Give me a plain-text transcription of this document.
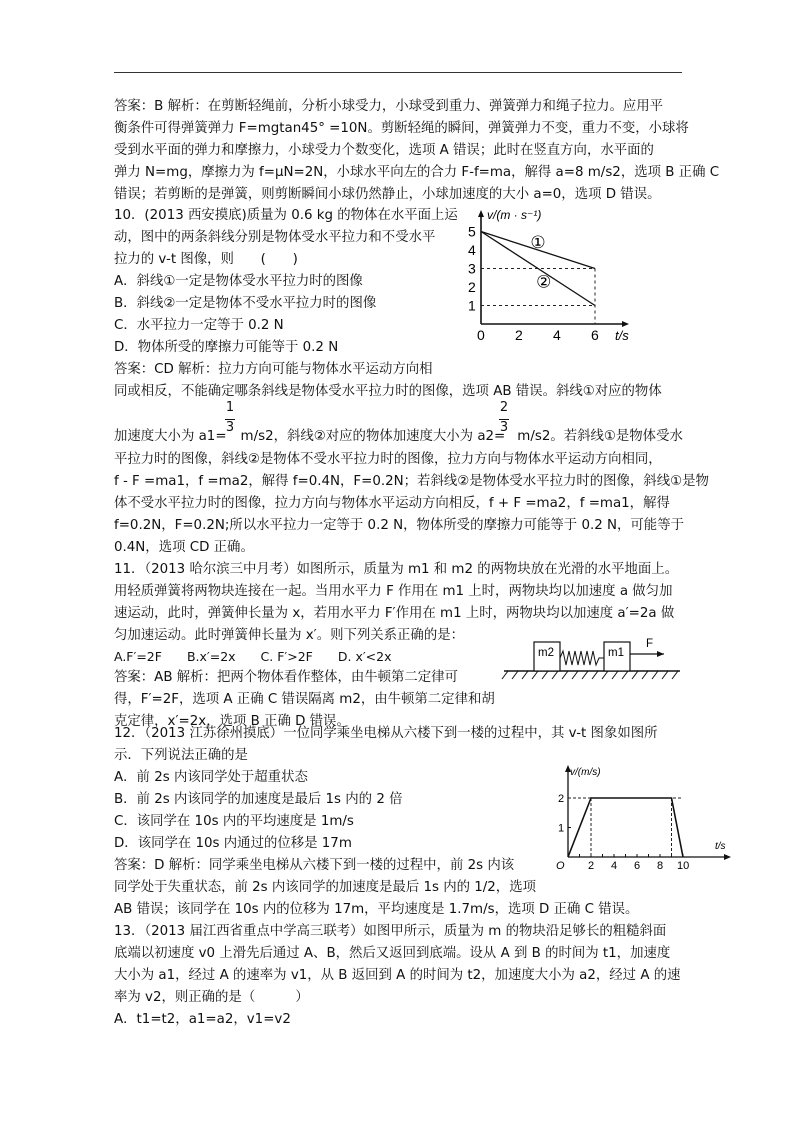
答案：B 解析：在剪断轻绳前，分析小球受力，小球受到重力、弹簧弹力和绳子拉力。应用平
衡条件可得弹簧弹力 F=mgtan45° =10N。剪断轻绳的瞬间，弹簧弹力不变，重力不变，小球将
受到水平面的弹力和摩擦力，小球受力个数变化，选项 A 错误；此时在竖直方向，水平面的
弹力 N=mg，摩擦力为 f=μN=2N，小球水平向左的合力 F-f=ma，解得 a=8 m/s2，选项 B 正确 C
错误；若剪断的是弹簧，则剪断瞬间小球仍然静止，小球加速度的大小 a=0，选项 D 错误。
10．(2013 西安摸底)质量为 0.6 kg 的物体在水平面上运
动，图中的两条斜线分别是物体受水平拉力和不受水平
拉力的 v-t 图像，则　　(　　)
A．斜线①一定是物体受水平拉力时的图像
B．斜线②一定是物体不受水平拉力时的图像
C．水平拉力一定等于 0.2 N
D．物体所受的摩擦力可能等于 0.2 N
答案：CD 解析：拉力方向可能与物体水平运动方向相
同或相反，不能确定哪条斜线是物体受水平拉力时的图像，选项 AB 错误。斜线①对应的物体
v/(m · s⁻¹)
t/s
1
2
3
4
5
0 2 4 6
①
②
加速度大小为 a1= m/s2，斜线②对应的物体加速度大小为 a2= m/s2。若斜线①是物体受水
1
3
2
3
平拉力时的图像，斜线②是物体不受水平拉力时的图像，拉力方向与物体水平运动方向相同，
f - F =ma1，f =ma2，解得 f=0.4N，F=0.2N；若斜线②是物体受水平拉力时的图像，斜线①是物
体不受水平拉力时的图像，拉力方向与物体水平运动方向相反，f + F =ma2，f =ma1，解得
f=0.2N，F=0.2N;所以水平拉力一定等于 0.2 N，物体所受的摩擦力可能等于 0.2 N，可能等于
0.4N，选项 CD 正确。
11．（2013 哈尔滨三中月考）如图所示，质量为 m1 和 m2 的两物块放在光滑的水平地面上。
用轻质弹簧将两物块连接在一起。当用水平力 F 作用在 m1 上时，两物块均以加速度 a 做匀加
速运动，此时，弹簧伸长量为 x，若用水平力 F′作用在 m1 上时，两物块均以加速度 a′=2a 做
匀加速运动。此时弹簧伸长量为 x′。则下列关系正确的是：
A.F′=2F　　B.x′=2x　　C. F′>2F　　D. x′<2x
答案：AB 解析：把两个物体看作整体，由牛顿第二定律可
得，F′=2F，选项 A 正确 C 错误隔离 m2，由牛顿第二定律和胡
克定律，x′=2x，选项 B 正确 D 错误。
m2	m1
F
12．（2013 江苏徐州摸底）一位同学乘坐电梯从六楼下到一楼的过程中，其 v-t 图象如图所
示．下列说法正确的是
A．前 2s 内该同学处于超重状态
B．前 2s 内该同学的加速度是最后 1s 内的 2 倍
C．该同学在 10s 内的平均速度是 1m/s
D．该同学在 10s 内通过的位移是 17m
答案：D 解析：同学乘坐电梯从六楼下到一楼的过程中，前 2s 内该
同学处于失重状态，前 2s 内该同学的加速度是最后 1s 内的 1/2，选项
AB 错误；该同学在 10s 内的位移为 17m，平均速度是 1.7m/s，选项 D 正确 C 错误。
v/(m/s)
t/s
O
1
2
2 4 6 8 10
13．（2013 届江西省重点中学高三联考）如图甲所示，质量为 m 的物块沿足够长的粗糙斜面
底端以初速度 v0 上滑先后通过 A、B，然后又返回到底端。设从 A 到 B 的时间为 t1，加速度
大小为 a1，经过 A 的速率为 v1，从 B 返回到 A 的时间为 t2，加速度大小为 a2，经过 A 的速
率为 v2，则正确的是（　　　）
A．t1=t2，a1=a2，v1=v2
